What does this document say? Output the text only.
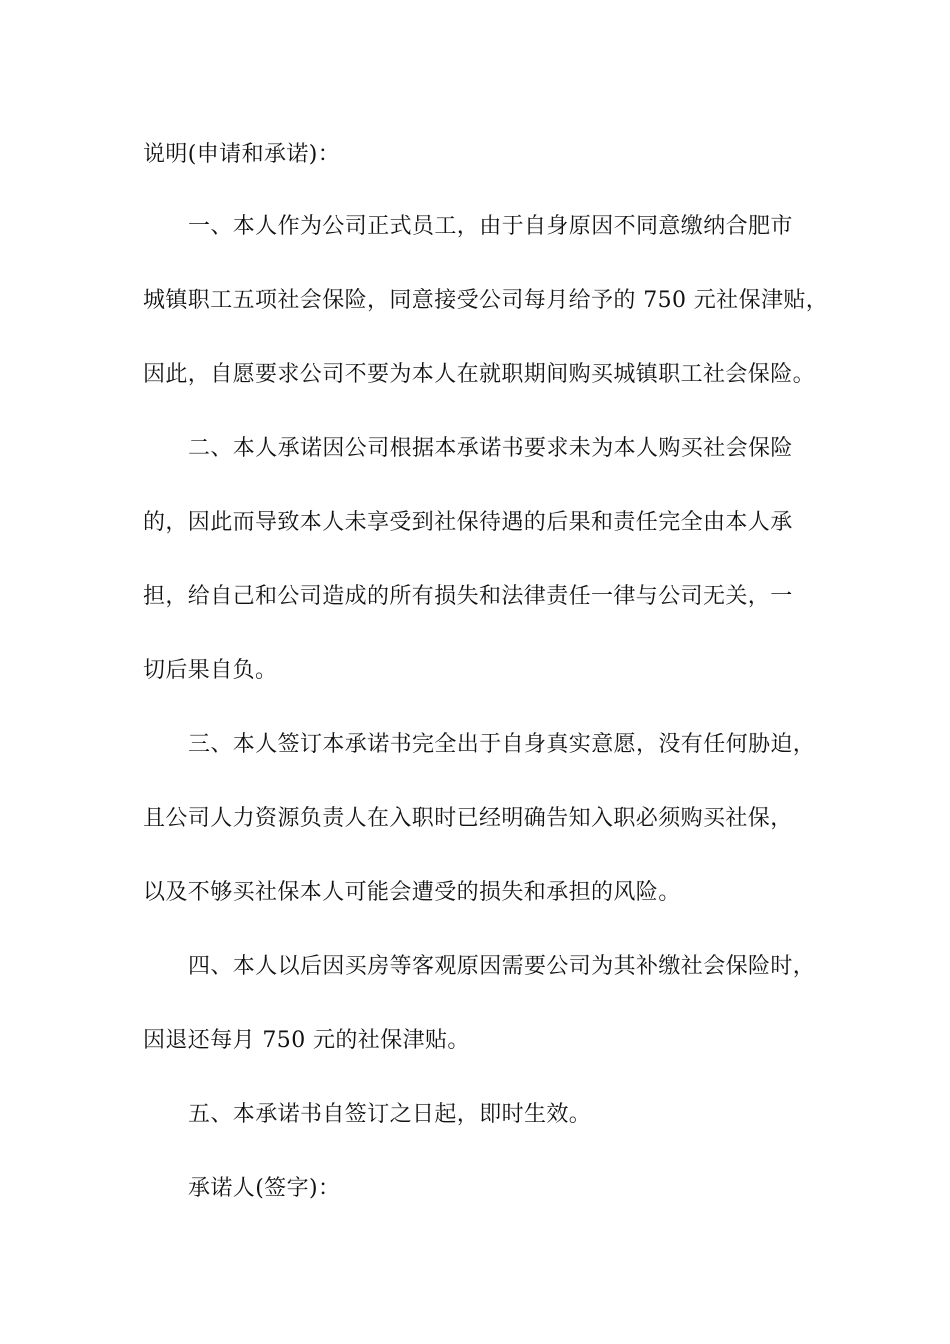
说明(申请和承诺)：
一、本人作为公司正式员工，由于自身原因不同意缴纳合肥市
城镇职工五项社会保险，同意接受公司每月给予的 750 元社保津贴，
因此，自愿要求公司不要为本人在就职期间购买城镇职工社会保险。
二、本人承诺因公司根据本承诺书要求未为本人购买社会保险
的，因此而导致本人未享受到社保待遇的后果和责任完全由本人承
担，给自己和公司造成的所有损失和法律责任一律与公司无关，一
切后果自负。
三、本人签订本承诺书完全出于自身真实意愿，没有任何胁迫，
且公司人力资源负责人在入职时已经明确告知入职必须购买社保，
以及不够买社保本人可能会遭受的损失和承担的风险。
四、本人以后因买房等客观原因需要公司为其补缴社会保险时，
因退还每月 750 元的社保津贴。
五、本承诺书自签订之日起，即时生效。
承诺人(签字)：
